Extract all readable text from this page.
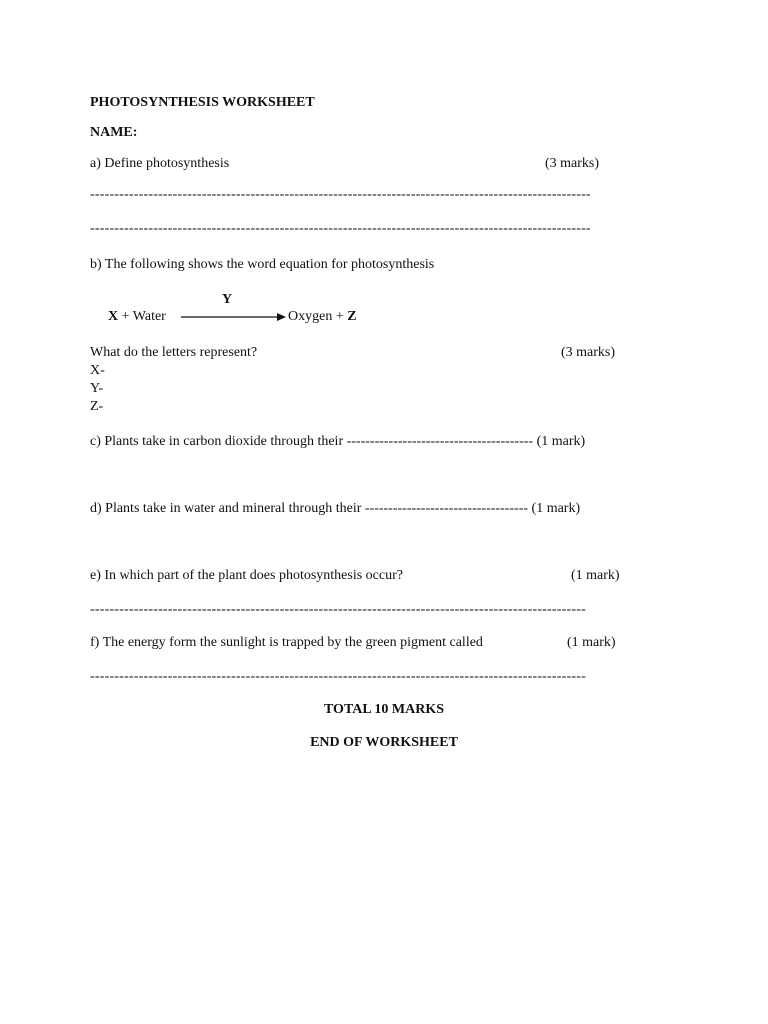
PHOTOSYNTHESIS WORKSHEET
NAME:
a) Define photosynthesis	(3 marks)
-------------------------------------------------------------------------------------------------------
-------------------------------------------------------------------------------------------------------
b) The following shows the word equation for photosynthesis
Y
X + Water	Oxygen + Z
What do the letters represent?	(3 marks)
X-
Y-
Z-
c) Plants take in carbon dioxide through their ---------------------------------------- (1 mark)
d) Plants take in water and mineral through their ----------------------------------- (1 mark)
e) In which part of the plant does photosynthesis occur?	(1 mark)
------------------------------------------------------------------------------------------------------
f) The energy form the sunlight is trapped by the green pigment called	(1 mark)
------------------------------------------------------------------------------------------------------
TOTAL 10 MARKS
END OF WORKSHEET
